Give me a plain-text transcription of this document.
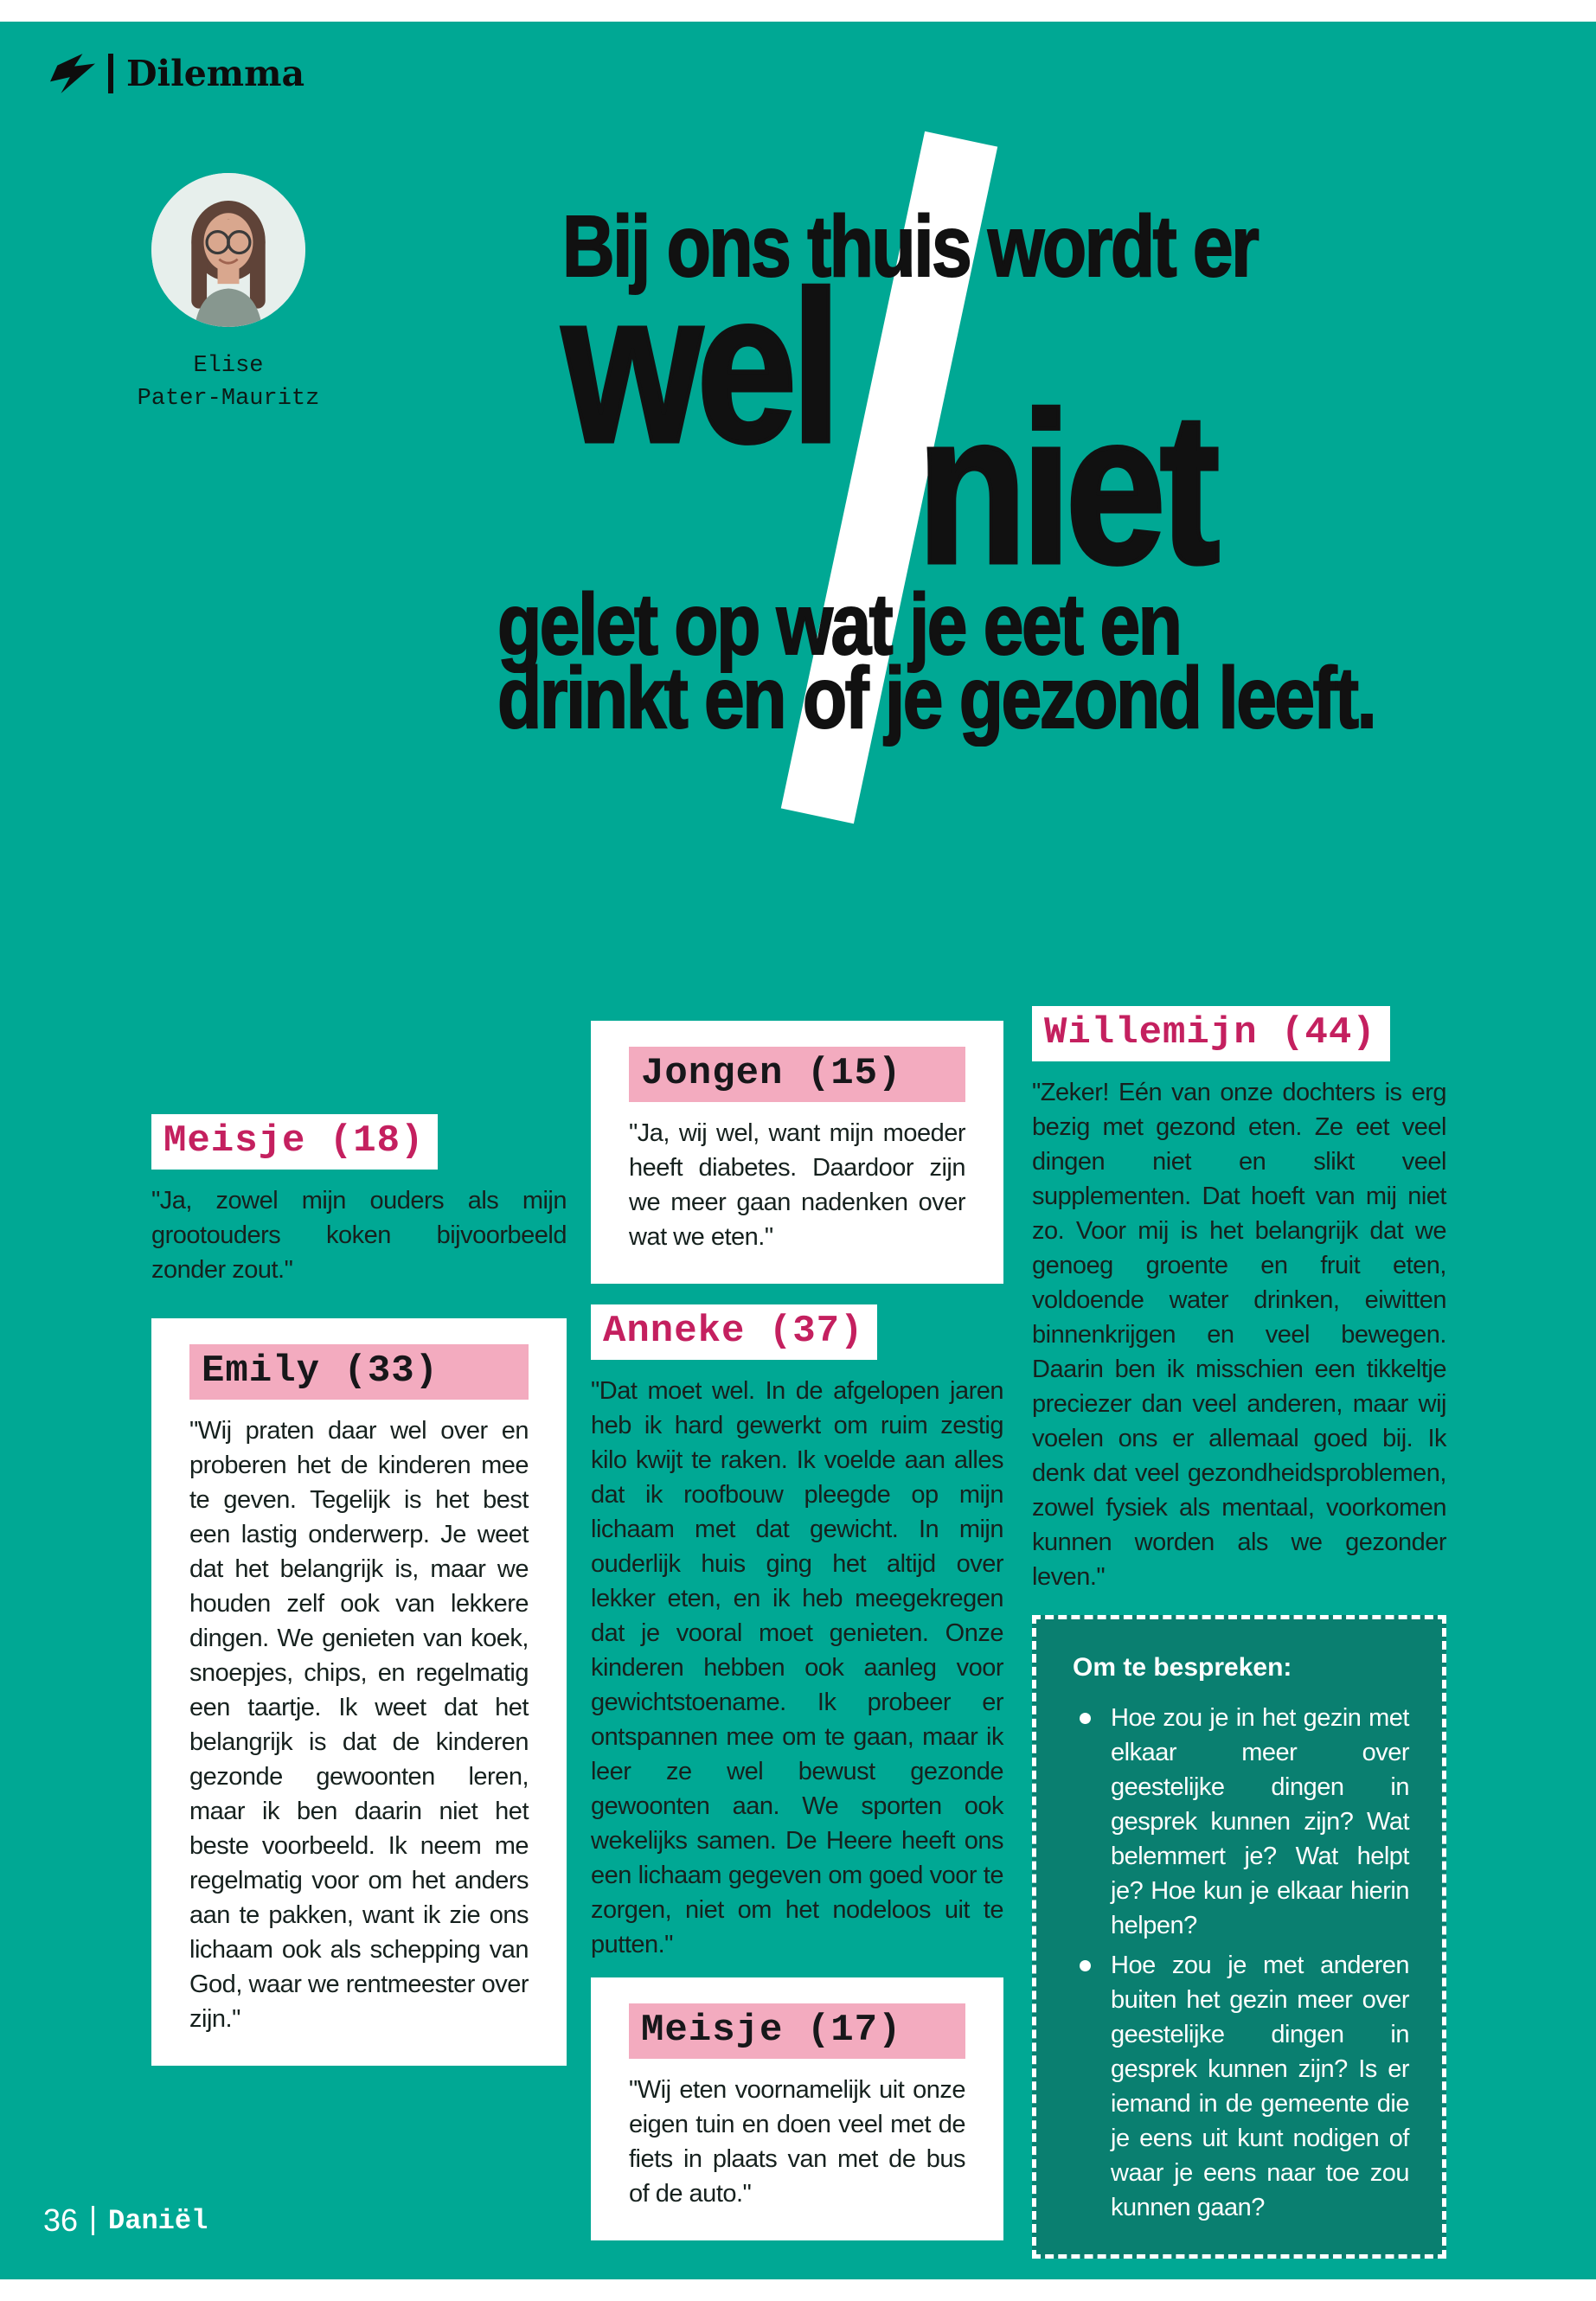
Dilemma
Elise
Pater-Mauritz
Bij ons thuis wordt er
wel
niet
gelet op wat je eet en
drinkt en of je gezond leeft.
Meisje (18)
"Ja, zowel mijn ouders als mijn grootouders koken bijvoorbeeld zonder zout."
Emily (33)
"Wij praten daar wel over en proberen het de kinderen mee te geven. Tegelijk is het best een lastig onderwerp. Je weet dat het belangrijk is, maar we houden zelf ook van lekkere dingen. We genieten van koek, snoepjes, chips, en regelmatig een taartje. Ik weet dat het belangrijk is dat de kinderen gezonde gewoonten leren, maar ik ben daarin niet het beste voorbeeld. Ik neem me regelmatig voor om het anders aan te pakken, want ik zie ons lichaam ook als schepping van God, waar we rentmeester over zijn."
Jongen (15)
"Ja, wij wel, want mijn moeder heeft diabetes. Daardoor zijn we meer gaan nadenken over wat we eten."
Anneke (37)
"Dat moet wel. In de afgelopen jaren heb ik hard gewerkt om ruim zestig kilo kwijt te raken. Ik voelde aan alles dat ik roofbouw pleegde op mijn lichaam met dat gewicht. In mijn ouderlijk huis ging het altijd over lekker eten, en ik heb meegekregen dat je vooral moet genieten. Onze kinderen hebben ook aanleg voor gewichtstoename. Ik probeer er ontspannen mee om te gaan, maar ik leer ze wel bewust gezonde gewoonten aan. We sporten ook wekelijks samen. De Heere heeft ons een lichaam gegeven om goed voor te zorgen, niet om het nodeloos uit te putten."
Meisje (17)
"Wij eten voornamelijk uit onze eigen tuin en doen veel met de fiets in plaats van met de bus of de auto."
Willemijn (44)
"Zeker! Eén van onze dochters is erg bezig met gezond eten. Ze eet veel dingen niet en slikt veel supplementen. Dat hoeft van mij niet zo. Voor mij is het belangrijk dat we genoeg groente en fruit eten, voldoende water drinken, eiwitten binnenkrijgen en veel bewegen. Daarin ben ik misschien een tikkeltje preciezer dan veel anderen, maar wij voelen ons er allemaal goed bij. Ik denk dat veel gezondheidsproblemen, zowel fysiek als mentaal, voorkomen kunnen worden als we gezonder leven."
Om te bespreken:
Hoe zou je in het gezin met elkaar meer over geestelijke dingen in gesprek kunnen zijn? Wat belemmert je? Wat helpt je? Hoe kun je elkaar hierin helpen?
Hoe zou je met anderen buiten het gezin meer over geestelijke dingen in gesprek kunnen zijn? Is er iemand in de gemeente die je eens uit kunt nodigen of waar je eens naar toe zou kunnen gaan?
36 Daniël
